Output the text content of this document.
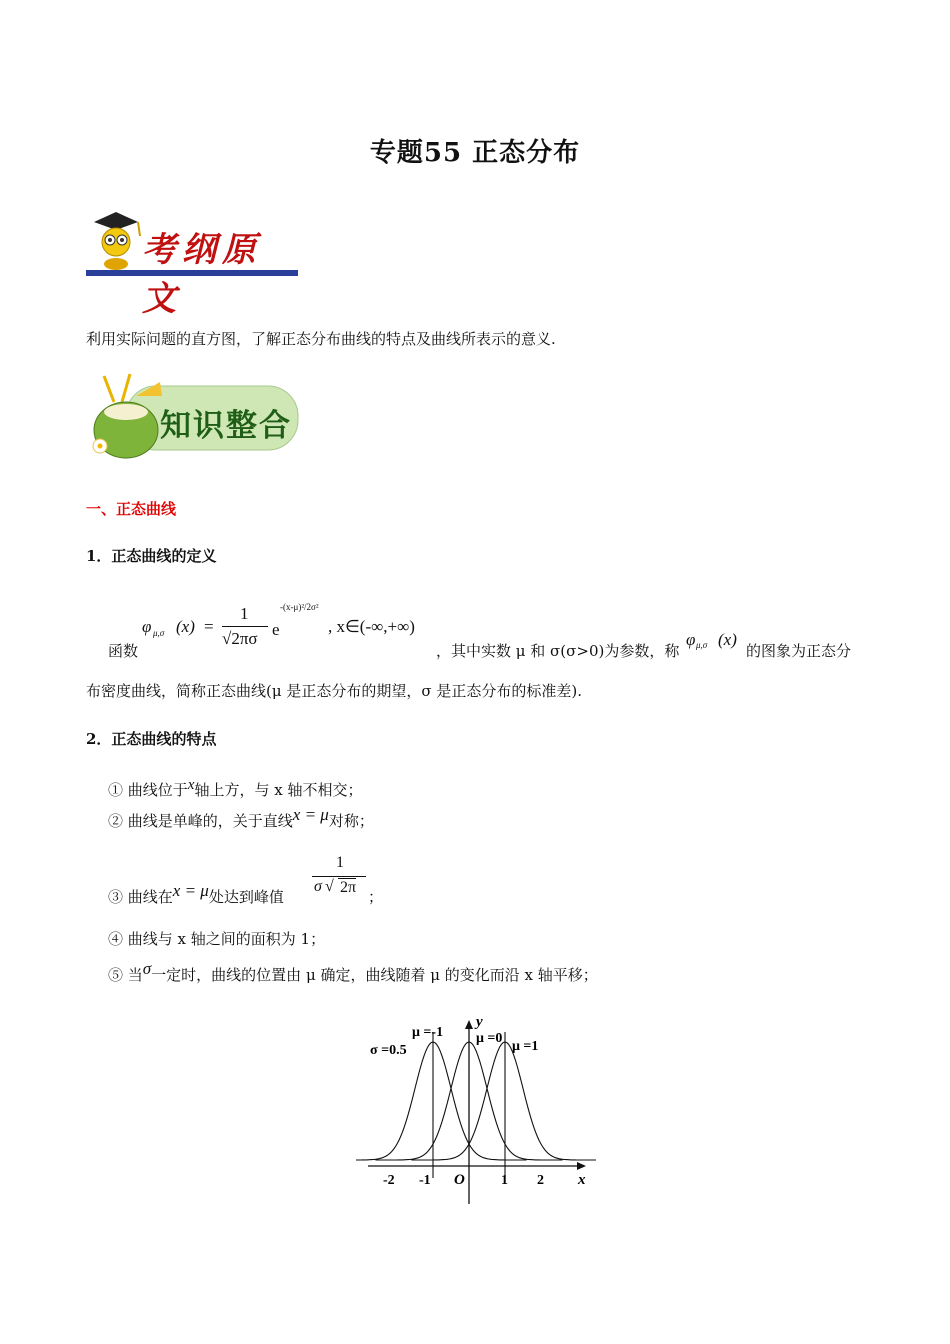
专题55 正态分布
考纲原文
利用实际问题的直方图，了解正态分布曲线的特点及曲线所表示的意义.
知识整合
一、正态曲线
1．正态曲线的定义
函数
φ μ,σ (x) =
1
√2πσ e
-(x-μ)²/2σ²
, x∈(-∞,+∞)
，其中实数 μ 和 σ(σ>0)为参数，称
φ μ,σ (x)
的图象为正态分
布密度曲线，简称正态曲线(μ 是正态分布的期望，σ 是正态分布的标准差).
2．正态曲线的特点
① 曲线位于$^x$轴上方，与 x 轴不相交；
② 曲线是单峰的，关于直线x = μ对称；
③ 曲线在x = μ处达到峰值
1
σ √ 2π
；
④ 曲线与 x 轴之间的面积为 1；
⑤ 当σ一定时，曲线的位置由 μ 确定，曲线随着 μ 的变化而沿 x 轴平移；
-2 -1	1 2
y
x
O
σ =0.5
μ =-1 μ =0
μ =1
